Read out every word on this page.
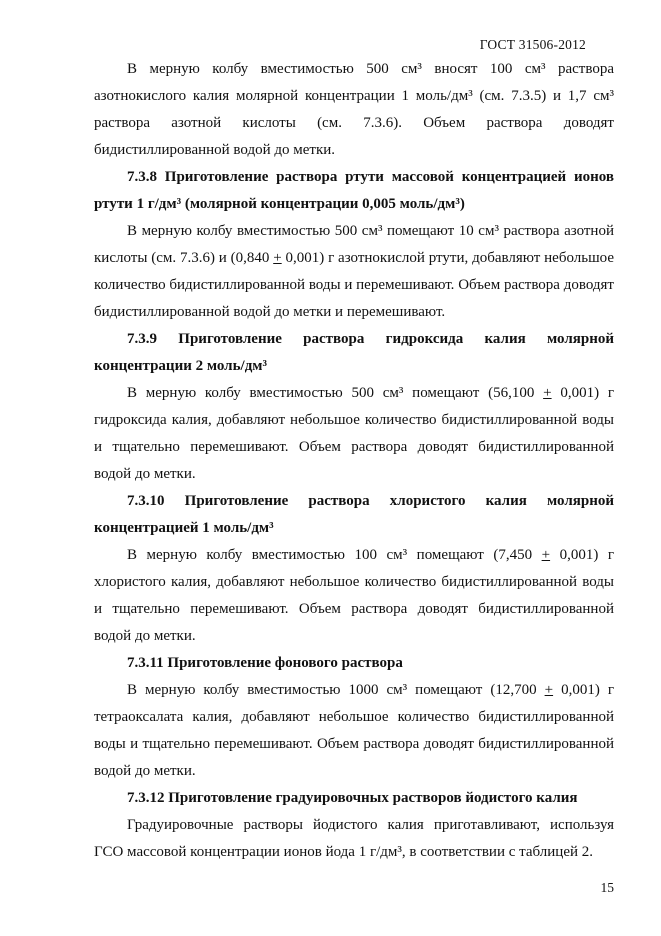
ГОСТ 31506-2012

В мерную колбу вместимостью 500 см³ вносят 100 см³ раствора азотнокислого калия молярной концентрации 1 моль/дм³ (см. 7.3.5) и 1,7 см³ раствора азотной кислоты (см. 7.3.6). Объем раствора доводят бидистиллированной водой до метки.

7.3.8 Приготовление раствора ртути массовой концентрацией ионов ртути 1 г/дм³ (молярной концентрации 0,005 моль/дм³)

В мерную колбу вместимостью 500 см³ помещают 10 см³ раствора азотной кислоты (см. 7.3.6) и (0,840 + 0,001) г азотнокислой ртути, добавляют небольшое количество бидистиллированной воды и перемешивают. Объем раствора доводят бидистиллированной водой до метки и перемешивают.

7.3.9 Приготовление раствора гидроксида калия молярной концентрации 2 моль/дм³

В мерную колбу вместимостью 500 см³ помещают (56,100 + 0,001) г гидроксида калия, добавляют небольшое количество бидистиллированной воды и тщательно перемешивают. Объем раствора доводят бидистиллированной водой до метки.

7.3.10 Приготовление раствора хлористого калия молярной концентрацией 1 моль/дм³

В мерную колбу вместимостью 100 см³ помещают (7,450 + 0,001) г хлористого калия, добавляют небольшое количество бидистиллированной воды и тщательно перемешивают. Объем раствора доводят бидистиллированной водой до метки.

7.3.11 Приготовление фонового раствора

В мерную колбу вместимостью 1000 см³ помещают (12,700 + 0,001) г тетраоксалата калия, добавляют небольшое количество бидистиллированной воды и тщательно перемешивают. Объем раствора доводят бидистиллированной водой до метки.

7.3.12 Приготовление градуировочных растворов йодистого калия

Градуировочные растворы йодистого калия приготавливают, используя ГСО массовой концентрации ионов йода 1 г/дм³, в соответствии с таблицей 2.

15
